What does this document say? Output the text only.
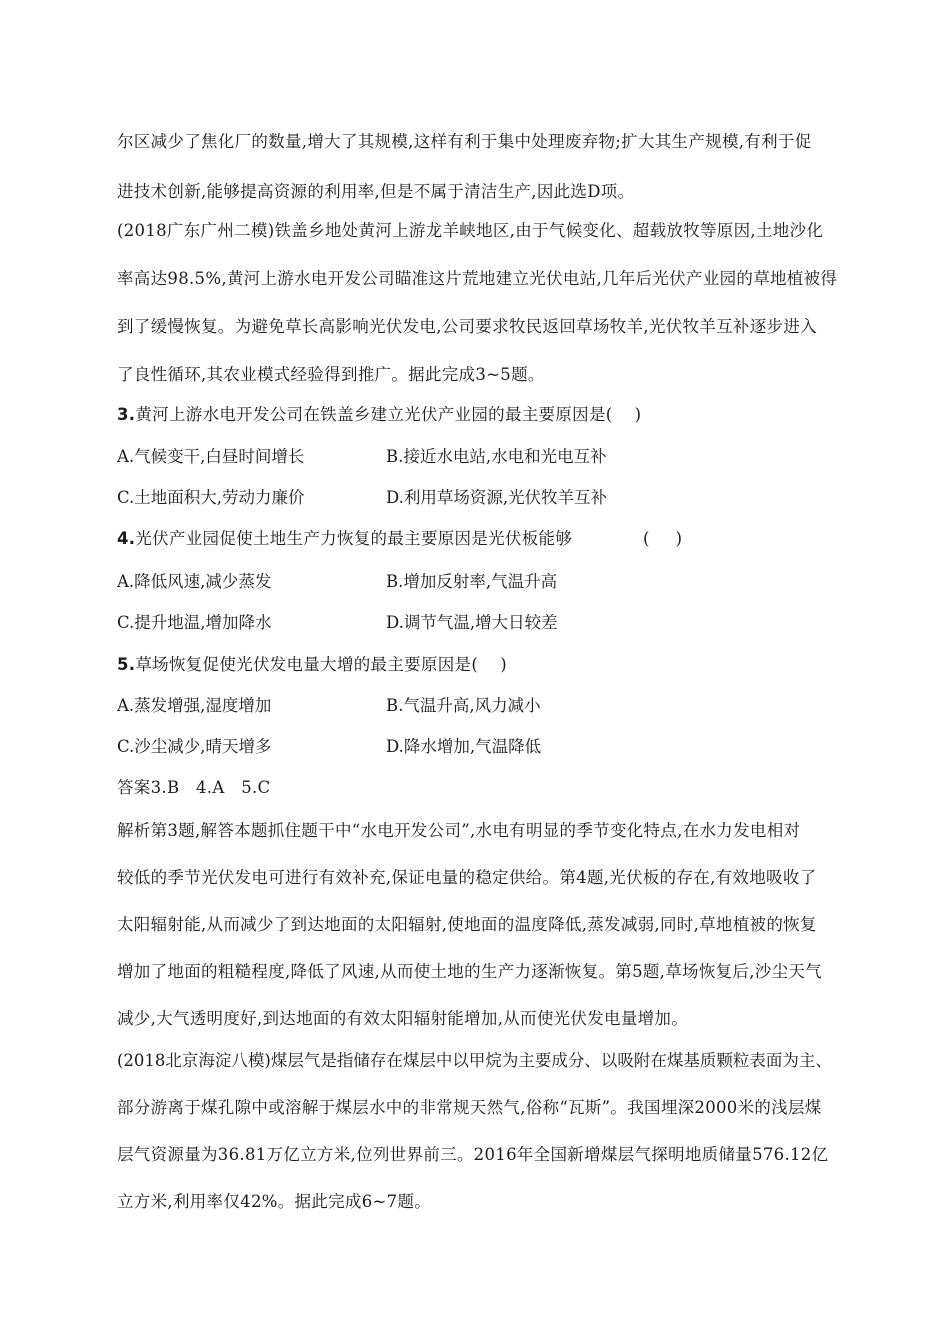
尔区减少了焦化厂的数量,增大了其规模,这样有利于集中处理废弃物;扩大其生产规模,有利于促
进技术创新,能够提高资源的利用率,但是不属于清洁生产,因此选D项。
(2018广东广州二模)铁盖乡地处黄河上游龙羊峡地区,由于气候变化、超载放牧等原因,土地沙化
率高达98.5%,黄河上游水电开发公司瞄准这片荒地建立光伏电站,几年后光伏产业园的草地植被得
到了缓慢恢复。为避免草长高影响光伏发电,公司要求牧民返回草场牧羊,光伏牧羊互补逐步进入
了良性循环,其农业模式经验得到推广。据此完成3~5题。
3.黄河上游水电开发公司在铁盖乡建立光伏产业园的最主要原因是(    )
A.气候变干,白昼时间增长	B.接近水电站,水电和光电互补
C.土地面积大,劳动力廉价	D.利用草场资源,光伏牧羊互补
4.光伏产业园促使土地生产力恢复的最主要原因是光伏板能够	(     )
A.降低风速,减少蒸发	B.增加反射率,气温升高
C.提升地温,增加降水	D.调节气温,增大日较差
5.草场恢复促使光伏发电量大增的最主要原因是(    )
A.蒸发增强,湿度增加	B.气温升高,风力减小
C.沙尘减少,晴天增多	D.降水增加,气温降低
答案3.B   4.A   5.C
解析第3题,解答本题抓住题干中“水电开发公司”,水电有明显的季节变化特点,在水力发电相对
较低的季节光伏发电可进行有效补充,保证电量的稳定供给。第4题,光伏板的存在,有效地吸收了
太阳辐射能,从而减少了到达地面的太阳辐射,使地面的温度降低,蒸发减弱,同时,草地植被的恢复
增加了地面的粗糙程度,降低了风速,从而使土地的生产力逐渐恢复。第5题,草场恢复后,沙尘天气
减少,大气透明度好,到达地面的有效太阳辐射能增加,从而使光伏发电量增加。
(2018北京海淀八模)煤层气是指储存在煤层中以甲烷为主要成分、以吸附在煤基质颗粒表面为主、
部分游离于煤孔隙中或溶解于煤层水中的非常规天然气,俗称“瓦斯”。我国埋深2000米的浅层煤
层气资源量为36.81万亿立方米,位列世界前三。2016年全国新增煤层气探明地质储量576.12亿
立方米,利用率仅42%。据此完成6~7题。
